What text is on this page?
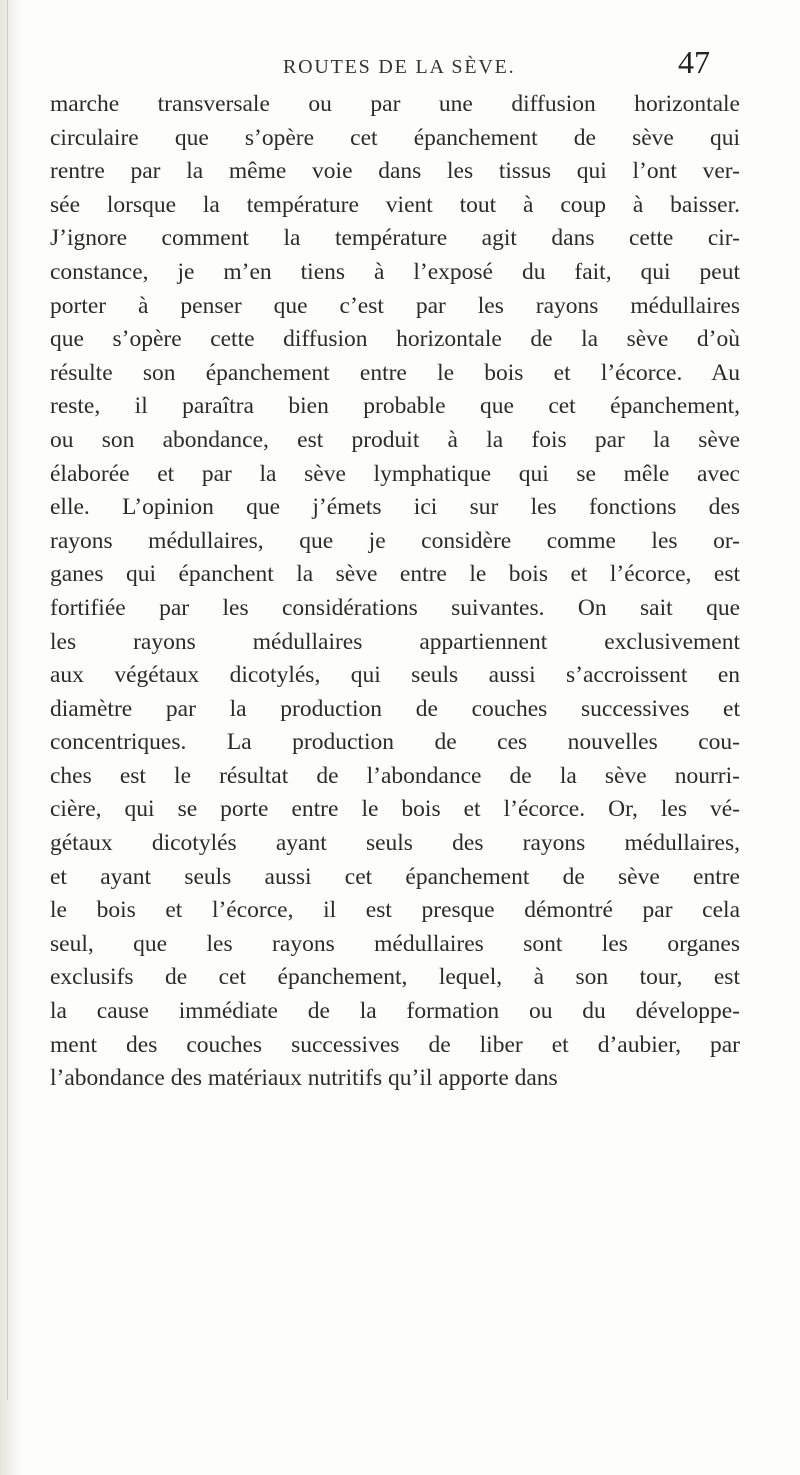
ROUTES DE LA SÈVE.	47
marche transversale ou par une diffusion horizontale
circulaire que s’opère cet épanchement de sève qui
rentre par la même voie dans les tissus qui l’ont ver-
sée lorsque la température vient tout à coup à baisser.
J’ignore comment la température agit dans cette cir-
constance, je m’en tiens à l’exposé du fait, qui peut
porter à penser que c’est par les rayons médullaires
que s’opère cette diffusion horizontale de la sève d’où
résulte son épanchement entre le bois et l’écorce. Au
reste, il paraîtra bien probable que cet épanchement,
ou son abondance, est produit à la fois par la sève
élaborée et par la sève lymphatique qui se mêle avec
elle. L’opinion que j’émets ici sur les fonctions des
rayons médullaires, que je considère comme les or-
ganes qui épanchent la sève entre le bois et l’écorce, est
fortifiée par les considérations suivantes. On sait que
les rayons médullaires appartiennent exclusivement
aux végétaux dicotylés, qui seuls aussi s’accroissent en
diamètre par la production de couches successives et
concentriques. La production de ces nouvelles cou-
ches est le résultat de l’abondance de la sève nourri-
cière, qui se porte entre le bois et l’écorce. Or, les vé-
gétaux dicotylés ayant seuls des rayons médullaires,
et ayant seuls aussi cet épanchement de sève entre
le bois et l’écorce, il est presque démontré par cela
seul, que les rayons médullaires sont les organes
exclusifs de cet épanchement, lequel, à son tour, est
la cause immédiate de la formation ou du développe-
ment des couches successives de liber et d’aubier, par
l’abondance des matériaux nutritifs qu’il apporte dans
